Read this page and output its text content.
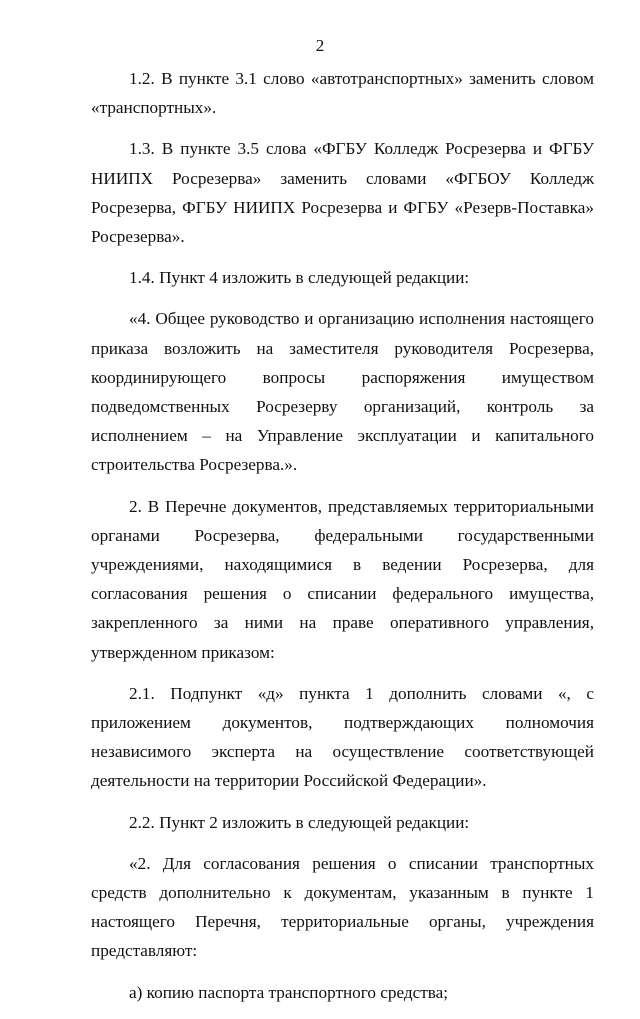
2

1.2. В пункте 3.1 слово «автотранспортных» заменить словом «транспортных».

1.3. В пункте 3.5 слова «ФГБУ Колледж Росрезерва и ФГБУ НИИПХ Росрезерва» заменить словами «ФГБОУ Колледж Росрезерва, ФГБУ НИИПХ Росрезерва и ФГБУ «Резерв-Поставка» Росрезерва».

1.4. Пункт 4 изложить в следующей редакции:

«4. Общее руководство и организацию исполнения настоящего приказа возложить на заместителя руководителя Росрезерва, координирующего вопросы распоряжения имуществом подведомственных Росрезерву организаций, контроль за исполнением – на Управление эксплуатации и капитального строительства Росрезерва.».

2. В Перечне документов, представляемых территориальными органами Росрезерва, федеральными государственными учреждениями, находящимися в ведении Росрезерва, для согласования решения о списании федерального имущества, закрепленного за ними на праве оперативного управления, утвержденном приказом:

2.1. Подпункт «д» пункта 1 дополнить словами «, с приложением документов, подтверждающих полномочия независимого эксперта на осуществление соответствующей деятельности на территории Российской Федерации».

2.2. Пункт 2 изложить в следующей редакции:

«2. Для согласования решения о списании транспортных средств дополнительно к документам, указанным в пункте 1 настоящего Перечня, территориальные органы, учреждения представляют:

а) копию паспорта транспортного средства;
